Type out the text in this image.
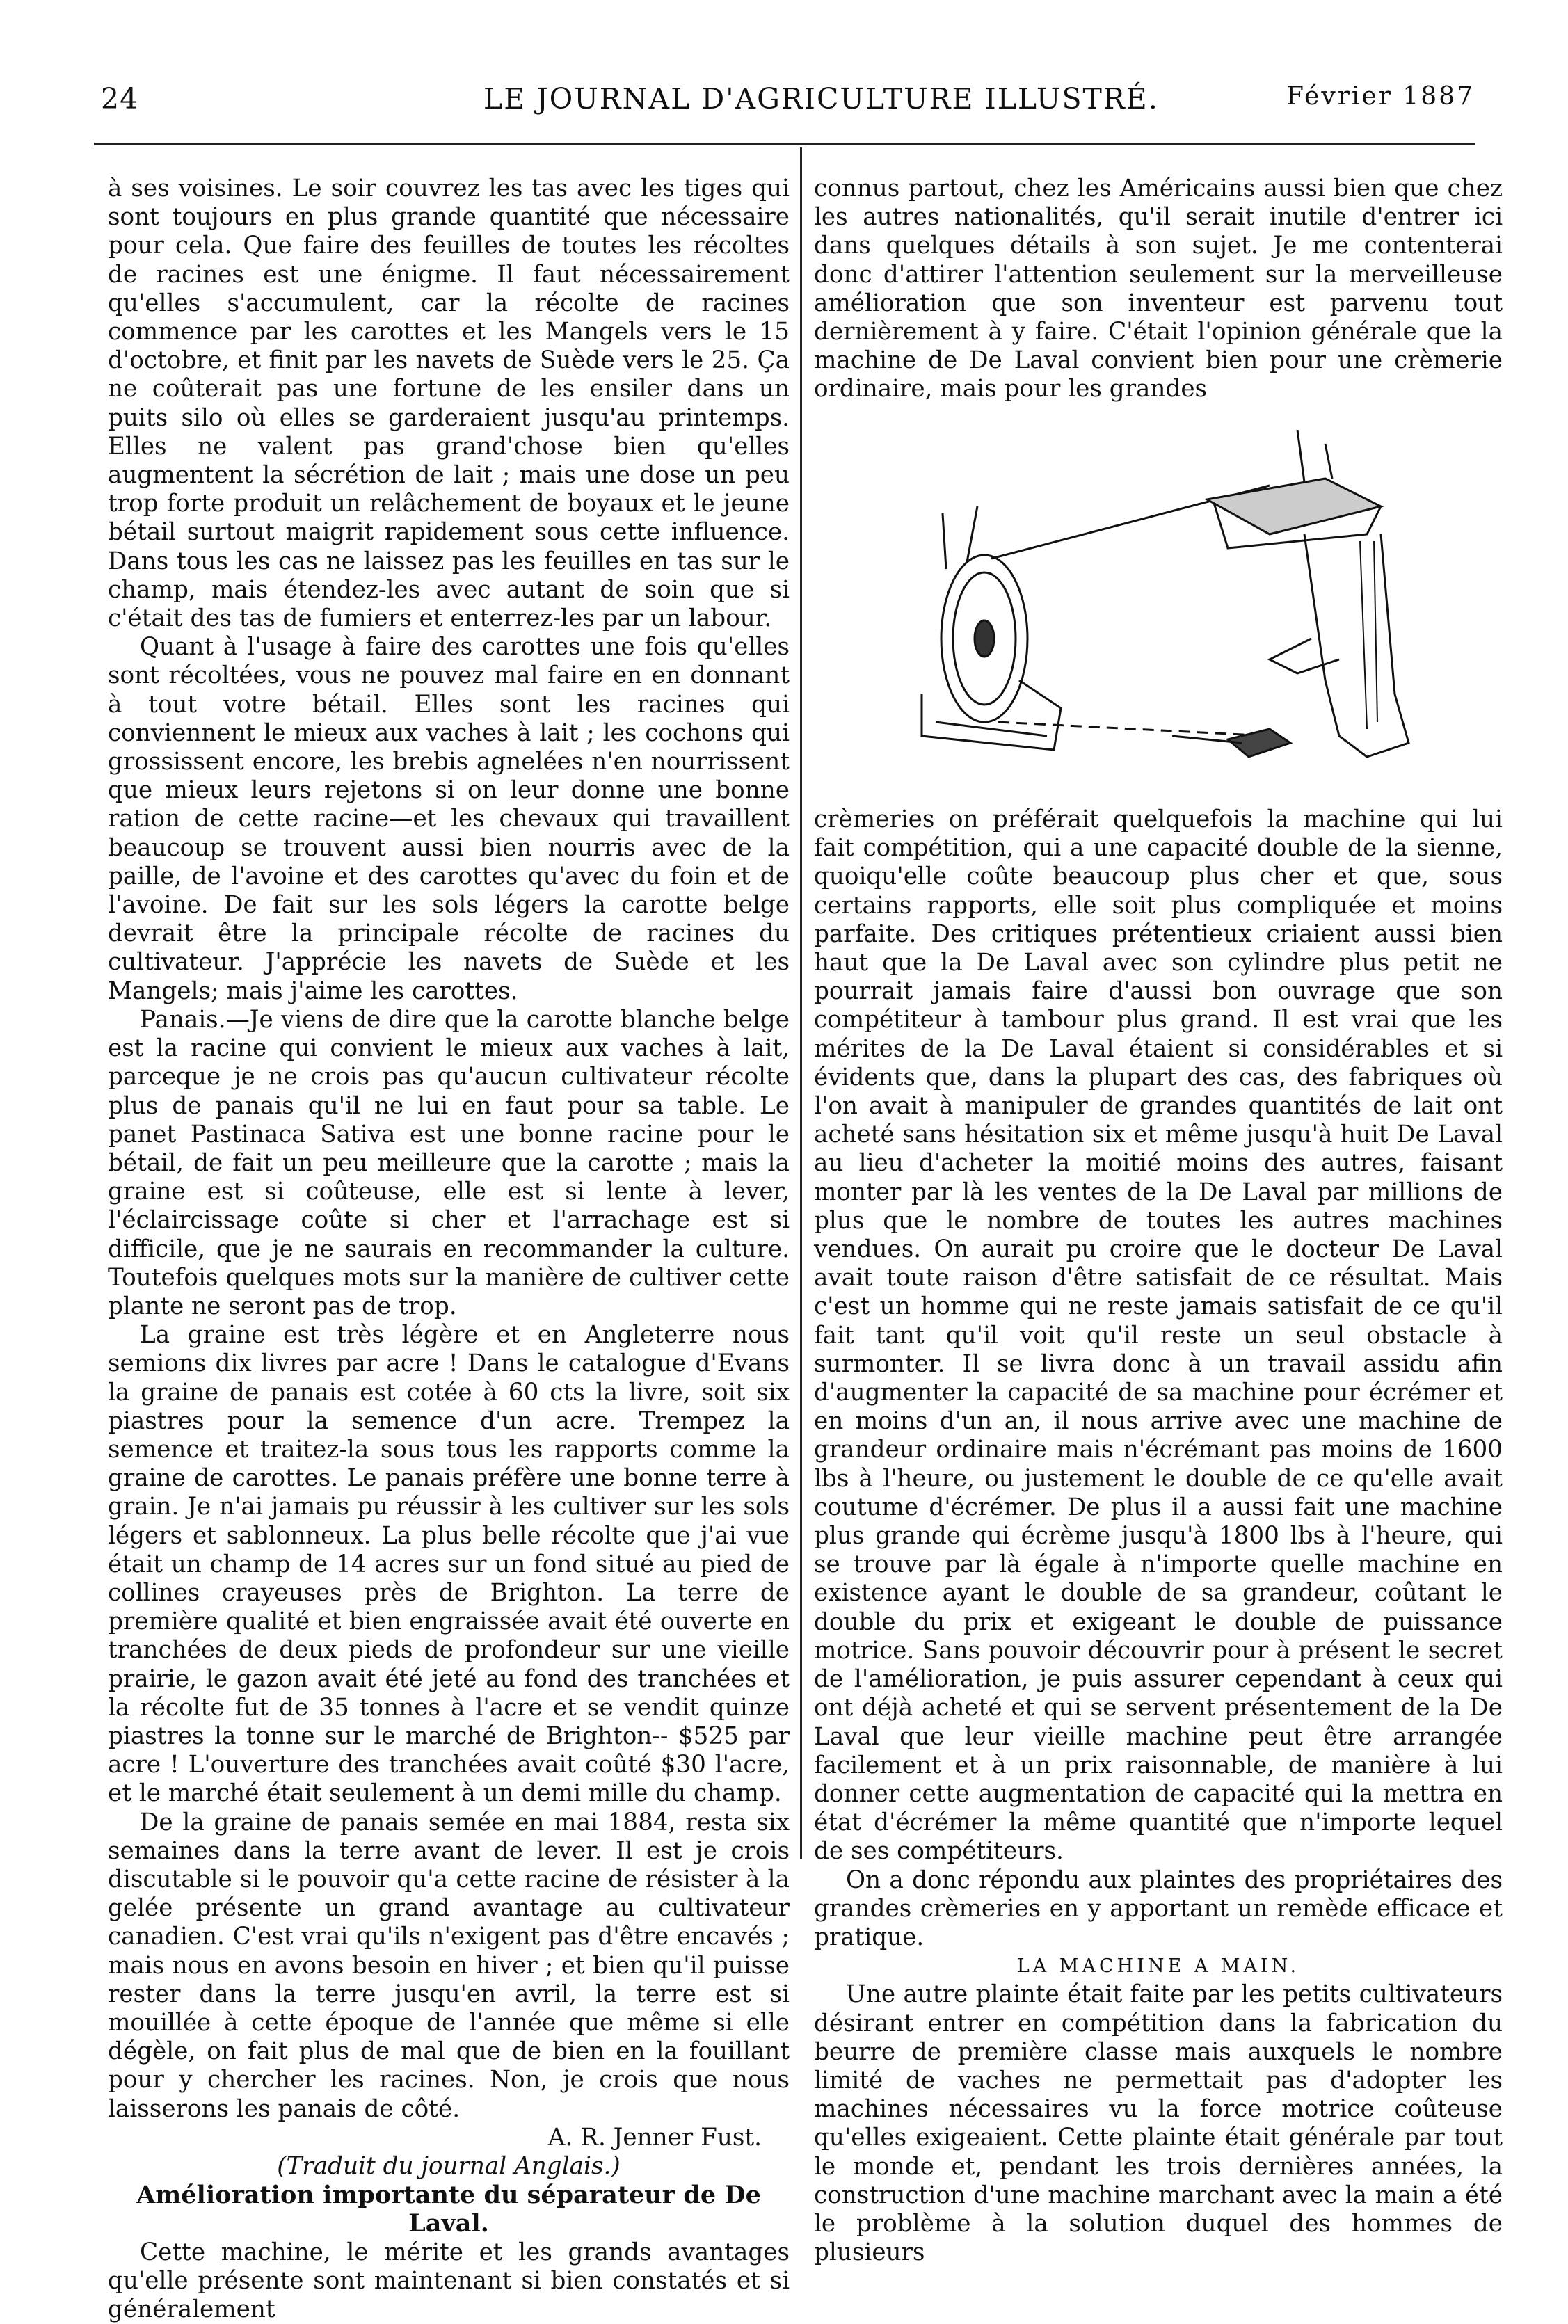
24	LE JOURNAL D'AGRICULTURE ILLUSTRÉ.	Février 1887

à ses voisines. Le soir couvrez les tas avec les tiges qui sont toujours en plus grande quantité que nécessaire pour cela. Que faire des feuilles de toutes les récoltes de racines est une énigme. Il faut nécessairement qu'elles s'accumulent, car la récolte de racines commence par les carottes et les Mangels vers le 15 d'octobre, et finit par les navets de Suède vers le 25. Ça ne coûterait pas une fortune de les ensiler dans un puits silo où elles se garderaient jusqu'au printemps. Elles ne valent pas grand'chose bien qu'elles augmentent la sécrétion de lait ; mais une dose un peu trop forte produit un relâchement de boyaux et le jeune bétail surtout maigrit rapidement sous cette influence. Dans tous les cas ne laissez pas les feuilles en tas sur le champ, mais étendez-les avec autant de soin que si c'était des tas de fumiers et enterrez-les par un labour.

Quant à l'usage à faire des carottes une fois qu'elles sont récoltées, vous ne pouvez mal faire en en donnant à tout votre bétail. Elles sont les racines qui conviennent le mieux aux vaches à lait ; les cochons qui grossissent encore, les brebis agnelées n'en nourrissent que mieux leurs rejetons si on leur donne une bonne ration de cette racine—et les chevaux qui travaillent beaucoup se trouvent aussi bien nourris avec de la paille, de l'avoine et des carottes qu'avec du foin et de l'avoine. De fait sur les sols légers la carotte belge devrait être la principale récolte de racines du cultivateur. J'apprécie les navets de Suède et les Mangels; mais j'aime les carottes.

Panais.—Je viens de dire que la carotte blanche belge est la racine qui convient le mieux aux vaches à lait, parceque je ne crois pas qu'aucun cultivateur récolte plus de panais qu'il ne lui en faut pour sa table. Le panet Pastinaca Sativa est une bonne racine pour le bétail, de fait un peu meilleure que la carotte ; mais la graine est si coûteuse, elle est si lente à lever, l'éclaircissage coûte si cher et l'arrachage est si difficile, que je ne saurais en recommander la culture. Toutefois quelques mots sur la manière de cultiver cette plante ne seront pas de trop.

La graine est très légère et en Angleterre nous semions dix livres par acre ! Dans le catalogue d'Evans la graine de panais est cotée à 60 cts la livre, soit six piastres pour la semence d'un acre. Trempez la semence et traitez-la sous tous les rapports comme la graine de carottes. Le panais préfère une bonne terre à grain. Je n'ai jamais pu réussir à les cultiver sur les sols légers et sablonneux. La plus belle récolte que j'ai vue était un champ de 14 acres sur un fond situé au pied de collines crayeuses près de Brighton. La terre de première qualité et bien engraissée avait été ouverte en tranchées de deux pieds de profondeur sur une vieille prairie, le gazon avait été jeté au fond des tranchées et la récolte fut de 35 tonnes à l'acre et se vendit quinze piastres la tonne sur le marché de Brighton-- $525 par acre ! L'ouverture des tranchées avait coûté $30 l'acre, et le marché était seulement à un demi mille du champ.

De la graine de panais semée en mai 1884, resta six semaines dans la terre avant de lever. Il est je crois discutable si le pouvoir qu'a cette racine de résister à la gelée présente un grand avantage au cultivateur canadien. C'est vrai qu'ils n'exigent pas d'être encavés ; mais nous en avons besoin en hiver ; et bien qu'il puisse rester dans la terre jusqu'en avril, la terre est si mouillée à cette époque de l'année que même si elle dégèle, on fait plus de mal que de bien en la fouillant pour y chercher les racines. Non, je crois que nous laisserons les panais de côté.

A. R. Jenner Fust.

(Traduit du journal Anglais.)

Amélioration importante du séparateur de De Laval.

Cette machine, le mérite et les grands avantages qu'elle présente sont maintenant si bien constatés et si généralement

connus partout, chez les Américains aussi bien que chez les autres nationalités, qu'il serait inutile d'entrer ici dans quelques détails à son sujet. Je me contenterai donc d'attirer l'attention seulement sur la merveilleuse amélioration que son inventeur est parvenu tout dernièrement à y faire. C'était l'opinion générale que la machine de De Laval convient bien pour une crèmerie ordinaire, mais pour les grandes

crèmeries on préférait quelquefois la machine qui lui fait compétition, qui a une capacité double de la sienne, quoiqu'elle coûte beaucoup plus cher et que, sous certains rapports, elle soit plus compliquée et moins parfaite. Des critiques prétentieux criaient aussi bien haut que la De Laval avec son cylindre plus petit ne pourrait jamais faire d'aussi bon ouvrage que son compétiteur à tambour plus grand. Il est vrai que les mérites de la De Laval étaient si considérables et si évidents que, dans la plupart des cas, des fabriques où l'on avait à manipuler de grandes quantités de lait ont acheté sans hésitation six et même jusqu'à huit De Laval au lieu d'acheter la moitié moins des autres, faisant monter par là les ventes de la De Laval par millions de plus que le nombre de toutes les autres machines vendues. On aurait pu croire que le docteur De Laval avait toute raison d'être satisfait de ce résultat. Mais c'est un homme qui ne reste jamais satisfait de ce qu'il fait tant qu'il voit qu'il reste un seul obstacle à surmonter. Il se livra donc à un travail assidu afin d'augmenter la capacité de sa machine pour écrémer et en moins d'un an, il nous arrive avec une machine de grandeur ordinaire mais n'écrémant pas moins de 1600 lbs à l'heure, ou justement le double de ce qu'elle avait coutume d'écrémer. De plus il a aussi fait une machine plus grande qui écrème jusqu'à 1800 lbs à l'heure, qui se trouve par là égale à n'importe quelle machine en existence ayant le double de sa grandeur, coûtant le double du prix et exigeant le double de puissance motrice. Sans pouvoir découvrir pour à présent le secret de l'amélioration, je puis assurer cependant à ceux qui ont déjà acheté et qui se servent présentement de la De Laval que leur vieille machine peut être arrangée facilement et à un prix raisonnable, de manière à lui donner cette augmentation de capacité qui la mettra en état d'écrémer la même quantité que n'importe lequel de ses compétiteurs.

On a donc répondu aux plaintes des propriétaires des grandes crèmeries en y apportant un remède efficace et pratique.

LA MACHINE A MAIN.

Une autre plainte était faite par les petits cultivateurs désirant entrer en compétition dans la fabrication du beurre de première classe mais auxquels le nombre limité de vaches ne permettait pas d'adopter les machines nécessaires vu la force motrice coûteuse qu'elles exigeaient. Cette plainte était générale par tout le monde et, pendant les trois dernières années, la construction d'une machine marchant avec la main a été le problème à la solution duquel des hommes de plusieurs
